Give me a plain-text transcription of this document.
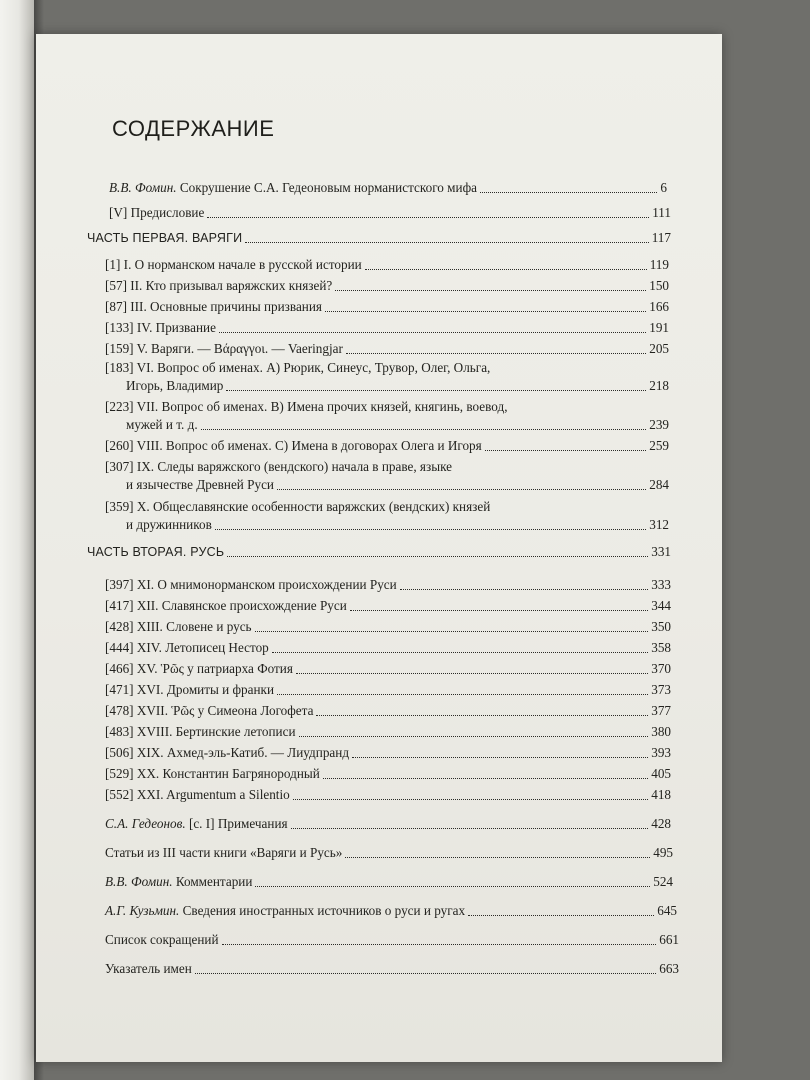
СОДЕРЖАНИЕ
В.В. Фомин. Сокрушение С.А. Гедеоновым норманистского мифа	6
[V] Предисловие	111
ЧАСТЬ ПЕРВАЯ. ВАРЯГИ	117
[1] I. О норманском начале в русской истории	119
[57] II. Кто призывал варяжских князей?	150
[87] III. Основные причины призвания	166
[133] IV. Призвание	191
[159] V. Варяги. — Βάραγγοι. — Vaeringjar	205
[183] VI. Вопрос об именах. А) Рюрик, Синеус, Трувор, Олег, Ольга,
Игорь, Владимир	218
[223] VII. Вопрос об именах. В) Имена прочих князей, княгинь, воевод,
мужей и т. д.	239
[260] VIII. Вопрос об именах. С) Имена в договорах Олега и Игоря	259
[307] IX. Следы варяжского (вендского) начала в праве, языке
и язычестве Древней Руси	284
[359] X. Общеславянские особенности варяжских (вендских) князей
и дружинников	312
ЧАСТЬ ВТОРАЯ. РУСЬ	331
[397] XI. О мнимонорманском происхождении Руси	333
[417] XII. Славянское происхождение Руси	344
[428] XIII. Словене и русь	350
[444] XIV. Летописец Нестор	358
[466] XV. Ῥῶς у патриарха Фотия	370
[471] XVI. Дромиты и франки	373
[478] XVII. Ῥῶς у Симеона Логофета	377
[483] XVIII. Бертинские летописи	380
[506] XIX. Ахмед-эль-Катиб. — Лиудпранд	393
[529] XX. Константин Багрянородный	405
[552] XXI. Argumentum a Silentio	418
С.А. Гедеонов. [с. I] Примечания	428
Статьи из III части книги «Варяги и Русь»	495
В.В. Фомин. Комментарии	524
А.Г. Кузьмин. Сведения иностранных источников о руси и ругах	645
Список сокращений	661
Указатель имен	663
